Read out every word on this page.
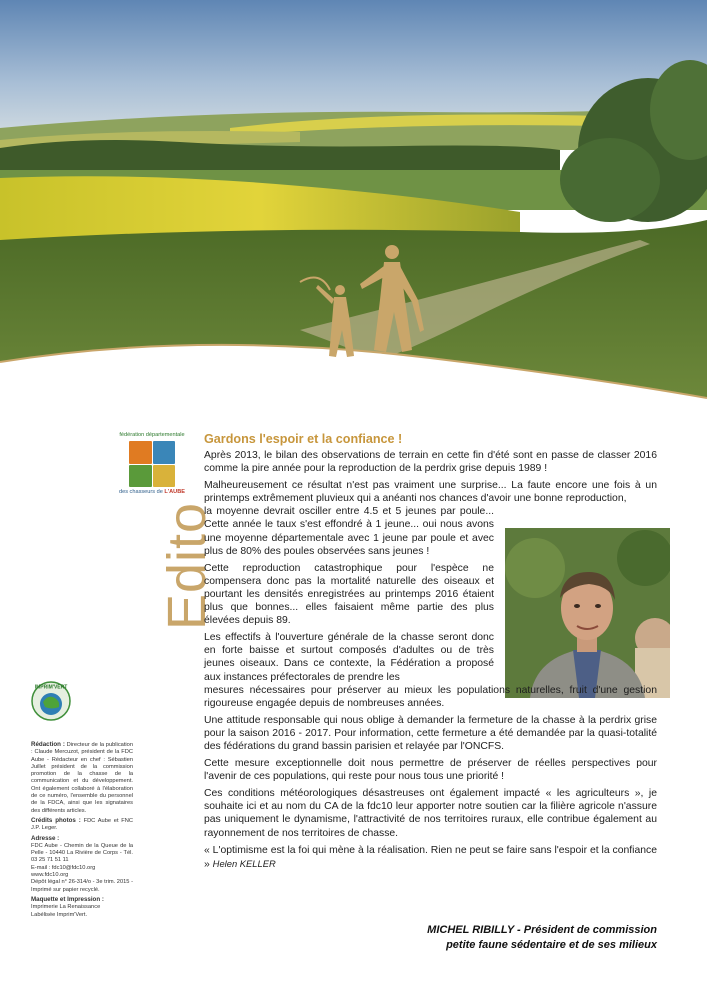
fédération départementale
des chasseurs de L'AUBE
Edito
IMPRIM'VERT

Rédaction : Directeur de la publication : Claude Mercuzot, président de la FDC Aube - Rédacteur en chef : Sébastien Juillet président de la commission promotion de la chasse de la communication et du développement. Ont également collaboré à l'élaboration de ce numéro, l'ensemble du personnel de la FDCA, ainsi que les signataires des différents articles.

Crédits photos : FDC Aube et FNC J.P. Leger.

Adresse :
FDC Aube - Chemin de la Queue de la Pelle - 10440 La Rivière de Corps - Tél. 03 25 71 51 11
E-mail : fdc10@fdc10.org
www.fdc10.org
Dépôt légal n° 26-314/o - 3e trim. 2015 - Imprimé sur papier recyclé.

Maquette et Impression :
Imprimerie La Renaissance
Labélisée Imprim'Vert.

Gardons l'espoir et la confiance !

Après 2013, le bilan des observations de terrain en cette fin d'été sont en passe de classer 2016 comme la pire année pour la reproduction de la perdrix grise depuis 1989 !

Malheureusement ce résultat n'est pas vraiment une surprise... La faute encore une fois à un printemps extrêmement pluvieux qui a anéanti nos chances d'avoir une bonne reproduction,

la moyenne devrait osciller entre 4.5 et 5 jeunes par poule... Cette année le taux s'est effondré à 1 jeune... oui nous avons une moyenne départementale avec 1 jeune par poule et avec plus de 80% des poules observées sans jeunes !

Cette reproduction catastrophique pour l'espèce ne compensera donc pas la mortalité naturelle des oiseaux et pourtant les densités enregistrées au printemps 2016 étaient plus que bonnes... elles faisaient même partie des plus élevées depuis 89.

Les effectifs à l'ouverture générale de la chasse seront donc en forte baisse et surtout composés d'adultes ou de très jeunes oiseaux. Dans ce contexte, la Fédération a proposé aux instances préfectorales de prendre les

mesures nécessaires pour préserver au mieux les populations naturelles, fruit d'une gestion rigoureuse engagée depuis de nombreuses années.

Une attitude responsable qui nous oblige à demander la fermeture de la chasse à la perdrix grise pour la saison 2016 - 2017. Pour information, cette fermeture a été demandée par la quasi-totalité des fédérations du grand bassin parisien et relayée par l'ONCFS.

Cette mesure exceptionnelle doit nous permettre de préserver de réelles perspectives pour l'avenir de ces populations, qui reste pour nous tous une priorité !

Ces conditions météorologiques désastreuses ont également impacté « les agriculteurs », je souhaite ici et au nom du CA de la fdc10 leur apporter notre soutien car la filière agricole n'assure pas uniquement le dynamisme, l'attractivité de nos territoires ruraux, elle contribue également au rayonnement de nos territoires de chasse.

« L'optimisme est la foi qui mène à la réalisation. Rien ne peut se faire sans l'espoir et la confiance » Helen KELLER

MICHEL RIBILLY - Président de commission
petite faune sédentaire et de ses milieux
